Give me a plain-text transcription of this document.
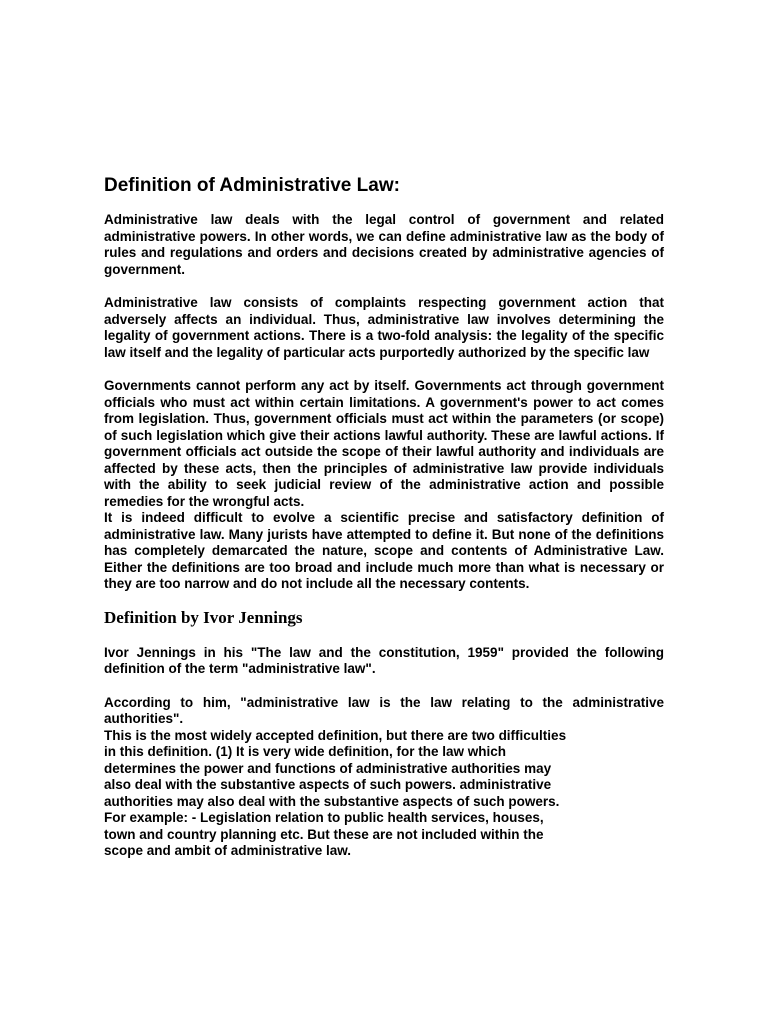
Definition of Administrative Law:

Administrative law deals with the legal control of government and related administrative powers. In other words, we can define administrative law as the body of rules and regulations and orders and decisions created by administrative agencies of government.

Administrative law consists of complaints respecting government action that adversely affects an individual. Thus, administrative law involves determining the legality of government actions. There is a two-fold analysis: the legality of the specific law itself and the legality of particular acts purportedly authorized by the specific law

Governments cannot perform any act by itself. Governments act through government officials who must act within certain limitations. A government's power to act comes from legislation. Thus, government officials must act within the parameters (or scope) of such legislation which give their actions lawful authority. These are lawful actions. If government officials act outside the scope of their lawful authority and individuals are affected by these acts, then the principles of administrative law provide individuals with the ability to seek judicial review of the administrative action and possible remedies for the wrongful acts.

It is indeed difficult to evolve a scientific precise and satisfactory definition of administrative law. Many jurists have attempted to define it. But none of the definitions has completely demarcated the nature, scope and contents of Administrative Law. Either the definitions are too broad and include much more than what is necessary or they are too narrow and do not include all the necessary contents.

Definition by Ivor Jennings

Ivor Jennings in his "The law and the constitution, 1959" provided the following definition of the term "administrative law".

According to him, "administrative law is the law relating to the administrative authorities".

This is the most widely accepted definition, but there are two difficulties
in this definition. (1) It is very wide definition, for the law which
determines the power and functions of administrative authorities may
also deal with the substantive aspects of such powers. administrative
authorities may also deal with the substantive aspects of such powers.
For example: - Legislation relation to public health services, houses,
town and country planning etc. But these are not included within the
scope and ambit of administrative law.
